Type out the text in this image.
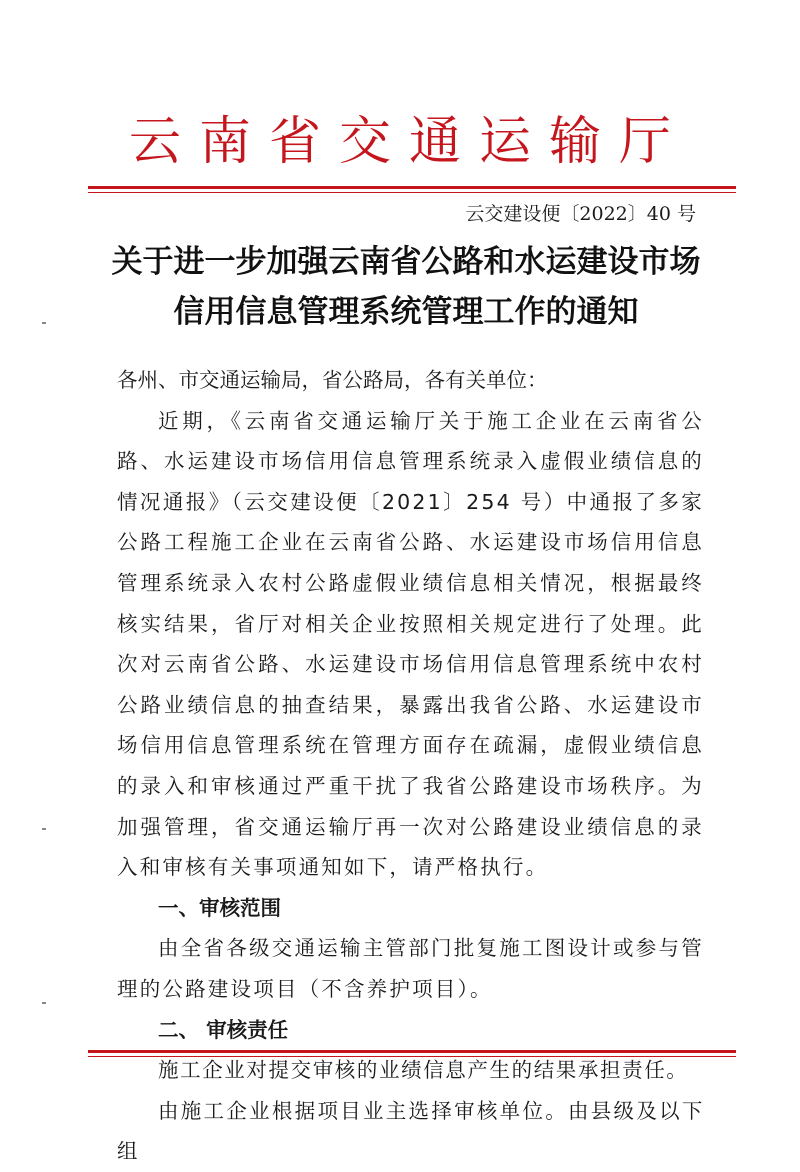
云南省交通运输厅
云交建设便〔2022〕40 号
关于进一步加强云南省公路和水运建设市场
信用信息管理系统管理工作的通知

各州、市交通运输局，省公路局，各有关单位：

近期，《云南省交通运输厅关于施工企业在云南省公路、水运建设市场信用信息管理系统录入虚假业绩信息的情况通报》（云交建设便〔2021〕254 号）中通报了多家公路工程施工企业在云南省公路、水运建设市场信用信息管理系统录入农村公路虚假业绩信息相关情况，根据最终核实结果，省厅对相关企业按照相关规定进行了处理。此次对云南省公路、水运建设市场信用信息管理系统中农村公路业绩信息的抽查结果，暴露出我省公路、水运建设市场信用信息管理系统在管理方面存在疏漏，虚假业绩信息的录入和审核通过严重干扰了我省公路建设市场秩序。为加强管理，省交通运输厅再一次对公路建设业绩信息的录入和审核有关事项通知如下，请严格执行。

一、审核范围

由全省各级交通运输主管部门批复施工图设计或参与管理的公路建设项目（不含养护项目）。

二、 审核责任

施工企业对提交审核的业绩信息产生的结果承担责任。

由施工企业根据项目业主选择审核单位。由县级及以下组
